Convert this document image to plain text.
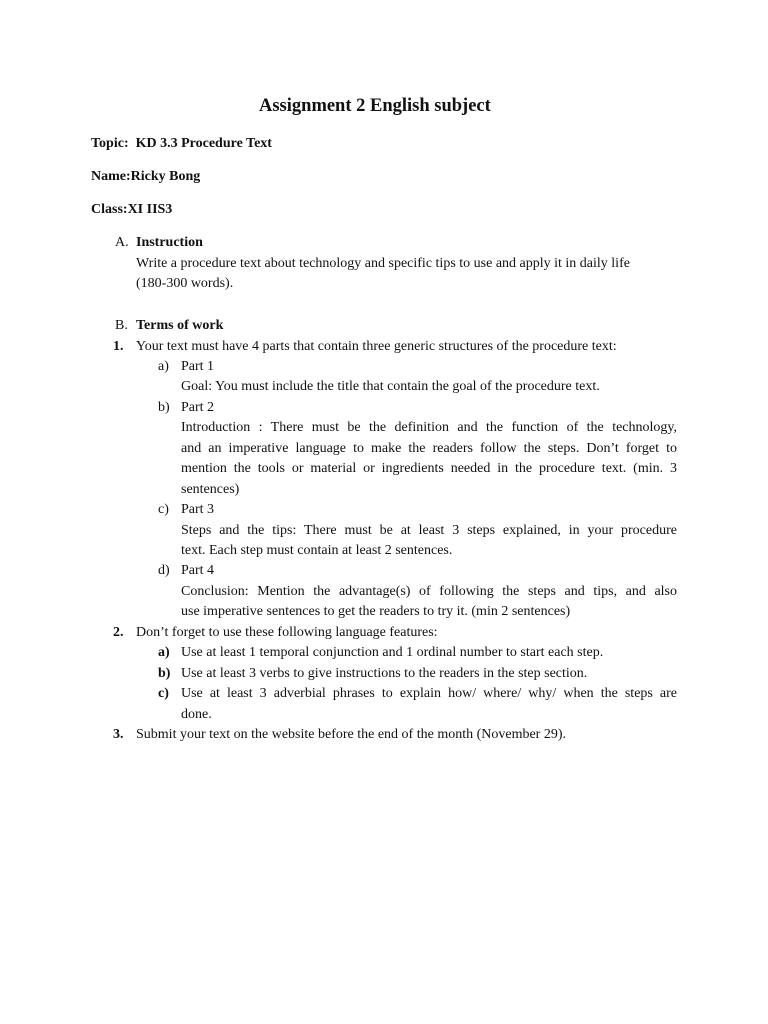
Assignment 2 English subject
Topic: KD 3.3 Procedure Text
Name: Ricky Bong
Class: XI IIS3
A. Instruction
Write a procedure text about technology and specific tips to use and apply it in daily life
(180-300 words).
B. Terms of work
1. Your text must have 4 parts that contain three generic structures of the procedure text:
a) Part 1
Goal: You must include the title that contain the goal of the procedure text.
b) Part 2
Introduction : There must be the definition and the function of the technology,
and an imperative language to make the readers follow the steps. Don’t forget to
mention the tools or material or ingredients needed in the procedure text. (min. 3
sentences)
c) Part 3
Steps and the tips: There must be at least 3 steps explained, in your procedure
text. Each step must contain at least 2 sentences.
d) Part 4
Conclusion: Mention the advantage(s) of following the steps and tips, and also
use imperative sentences to get the readers to try it. (min 2 sentences)
2. Don’t forget to use these following language features:
a) Use at least 1 temporal conjunction and 1 ordinal number to start each step.
b) Use at least 3 verbs to give instructions to the readers in the step section.
c) Use at least 3 adverbial phrases to explain how/ where/ why/ when the steps are
done.
3. Submit your text on the website before the end of the month (November 29).
